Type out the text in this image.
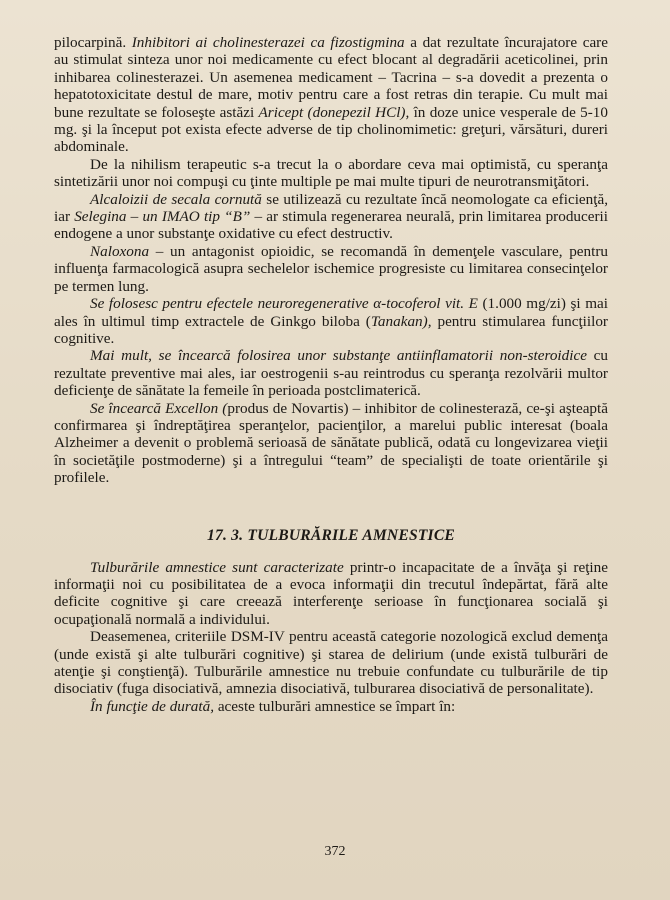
pilocarpină. Inhibitori ai cholinesterazei ca fizostigmina a dat rezultate încurajatore care au stimulat sinteza unor noi medicamente cu efect blocant al degradării aceticolinei, prin inhibarea colinesterazei. Un asemenea medicament – Tacrina – s-a dovedit a prezenta o hepatotoxicitate destul de mare, motiv pentru care a fost retras din terapie. Cu mult mai bune rezultate se foloseşte astăzi Aricept (donepezil HCl), în doze unice vesperale de 5-10 mg. şi la început pot exista efecte adverse de tip cholinomimetic: greţuri, vărsături, dureri abdominale.

De la nihilism terapeutic s-a trecut la o abordare ceva mai optimistă, cu speranţa sintetizării unor noi compuşi cu ţinte multiple pe mai multe tipuri de neurotransmiţători.

Alcaloizii de secala cornută se utilizează cu rezultate încă neomologate ca eficienţă, iar Selegina – un IMAO tip “B” – ar stimula regenerarea neurală, prin limitarea producerii endogene a unor substanţe oxidative cu efect destructiv.

Naloxona – un antagonist opioidic, se recomandă în demenţele vasculare, pentru influenţa farmacologică asupra sechelelor ischemice progresiste cu limitarea consecinţelor pe termen lung.

Se folosesc pentru efectele neuroregenerative α-tocoferol vit. E (1.000 mg/zi) şi mai ales în ultimul timp extractele de Ginkgo biloba (Tanakan), pentru stimularea funcţiilor cognitive.

Mai mult, se încearcă folosirea unor substanţe antiinflamatorii non-steroidice cu rezultate preventive mai ales, iar oestrogenii s-au reintrodus cu speranţa rezolvării multor deficienţe de sănătate la femeile în perioada postclimaterică.

Se încearcă Excellon (produs de Novartis) – inhibitor de colinesterază, ce-şi aşteaptă confirmarea şi îndreptăţirea speranţelor, pacienţilor, a marelui public interesat (boala Alzheimer a devenit o problemă serioasă de sănătate publică, odată cu longevizarea vieţii în societăţile postmoderne) şi a întregului “team” de specialişti de toate orientările şi profilele.

17. 3. TULBURĂRILE AMNESTICE

Tulburările amnestice sunt caracterizate printr-o incapacitate de a învăţa şi reţine informaţii noi cu posibilitatea de a evoca informaţii din trecutul îndepărtat, fără alte deficite cognitive şi care creează interferenţe serioase în funcţionarea socială şi ocupaţională normală a individului.

Deasemenea, criteriile DSM-IV pentru această categorie nozologică exclud demenţa (unde există şi alte tulburări cognitive) şi starea de delirium (unde există tulburări de atenţie şi conştienţă). Tulburările amnestice nu trebuie confundate cu tulburările de tip disociativ (fuga disociativă, amnezia disociativă, tulburarea disociativă de personalitate).

În funcţie de durată, aceste tulburări amnestice se împart în:

372
